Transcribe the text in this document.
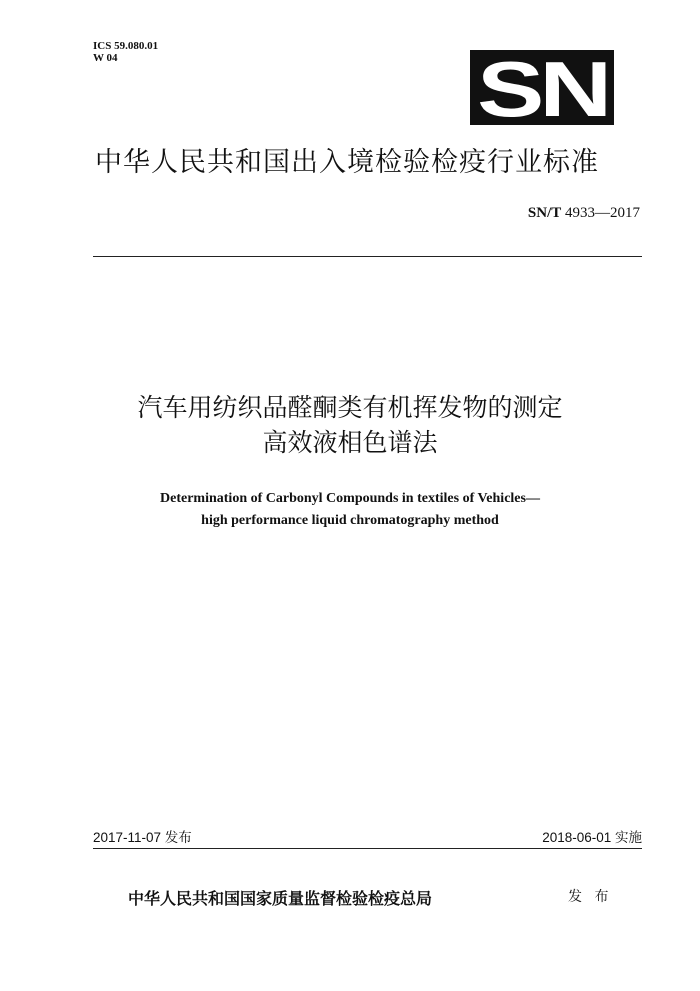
ICS 59.080.01
W 04	SN
中华人民共和国出入境检验检疫行业标准
SN/T 4933—2017
汽车用纺织品醛酮类有机挥发物的测定
高效液相色谱法
Determination of Carbonyl Compounds in textiles of Vehicles—
high performance liquid chromatography method
2017-11-07 发布	2018-06-01 实施
中华人民共和国国家质量监督检验检疫总局	发 布
